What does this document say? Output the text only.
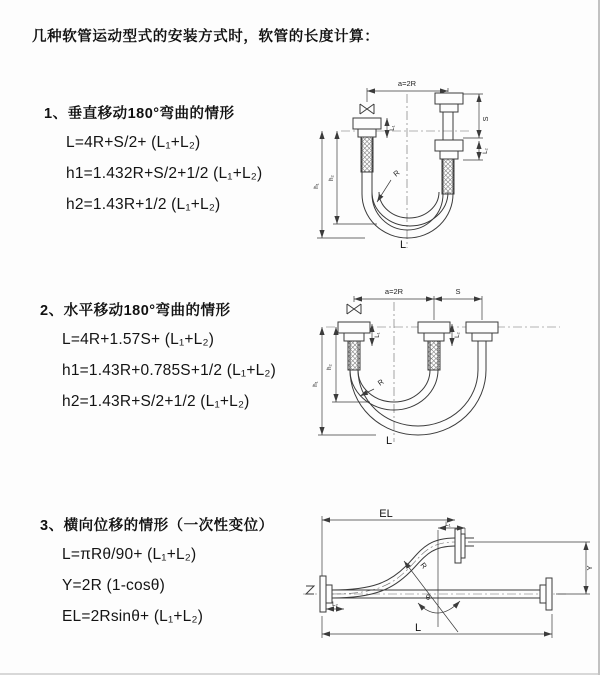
几种软管运动型式的安装方式时，软管的长度计算：
1、垂直移动180°弯曲的情形
L=4R+S/2+ (L₁+L₂)
h1=1.432R+S/2+1/2 (L₁+L₂)
h2=1.43R+1/2 (L₁+L₂)
a=2R
S
L₂
h₁
h₂
L₁
R
L
2、水平移动180°弯曲的情形
L=4R+1.57S+ (L₁+L₂)
h1=1.43R+0.785S+1/2 (L₁+L₂)
h2=1.43R+S/2+1/2 (L₁+L₂)
a=2R	S
h₁
h₂
L₁	L₂
R
L
3、横向位移的情形（一次性变位）
L=πRθ/90+ (L₁+L₂)
Y=2R (1-cosθ)
EL=2Rsinθ+ (L₁+L₂)
θ
R
EL
L₁
Y
L₂
L
